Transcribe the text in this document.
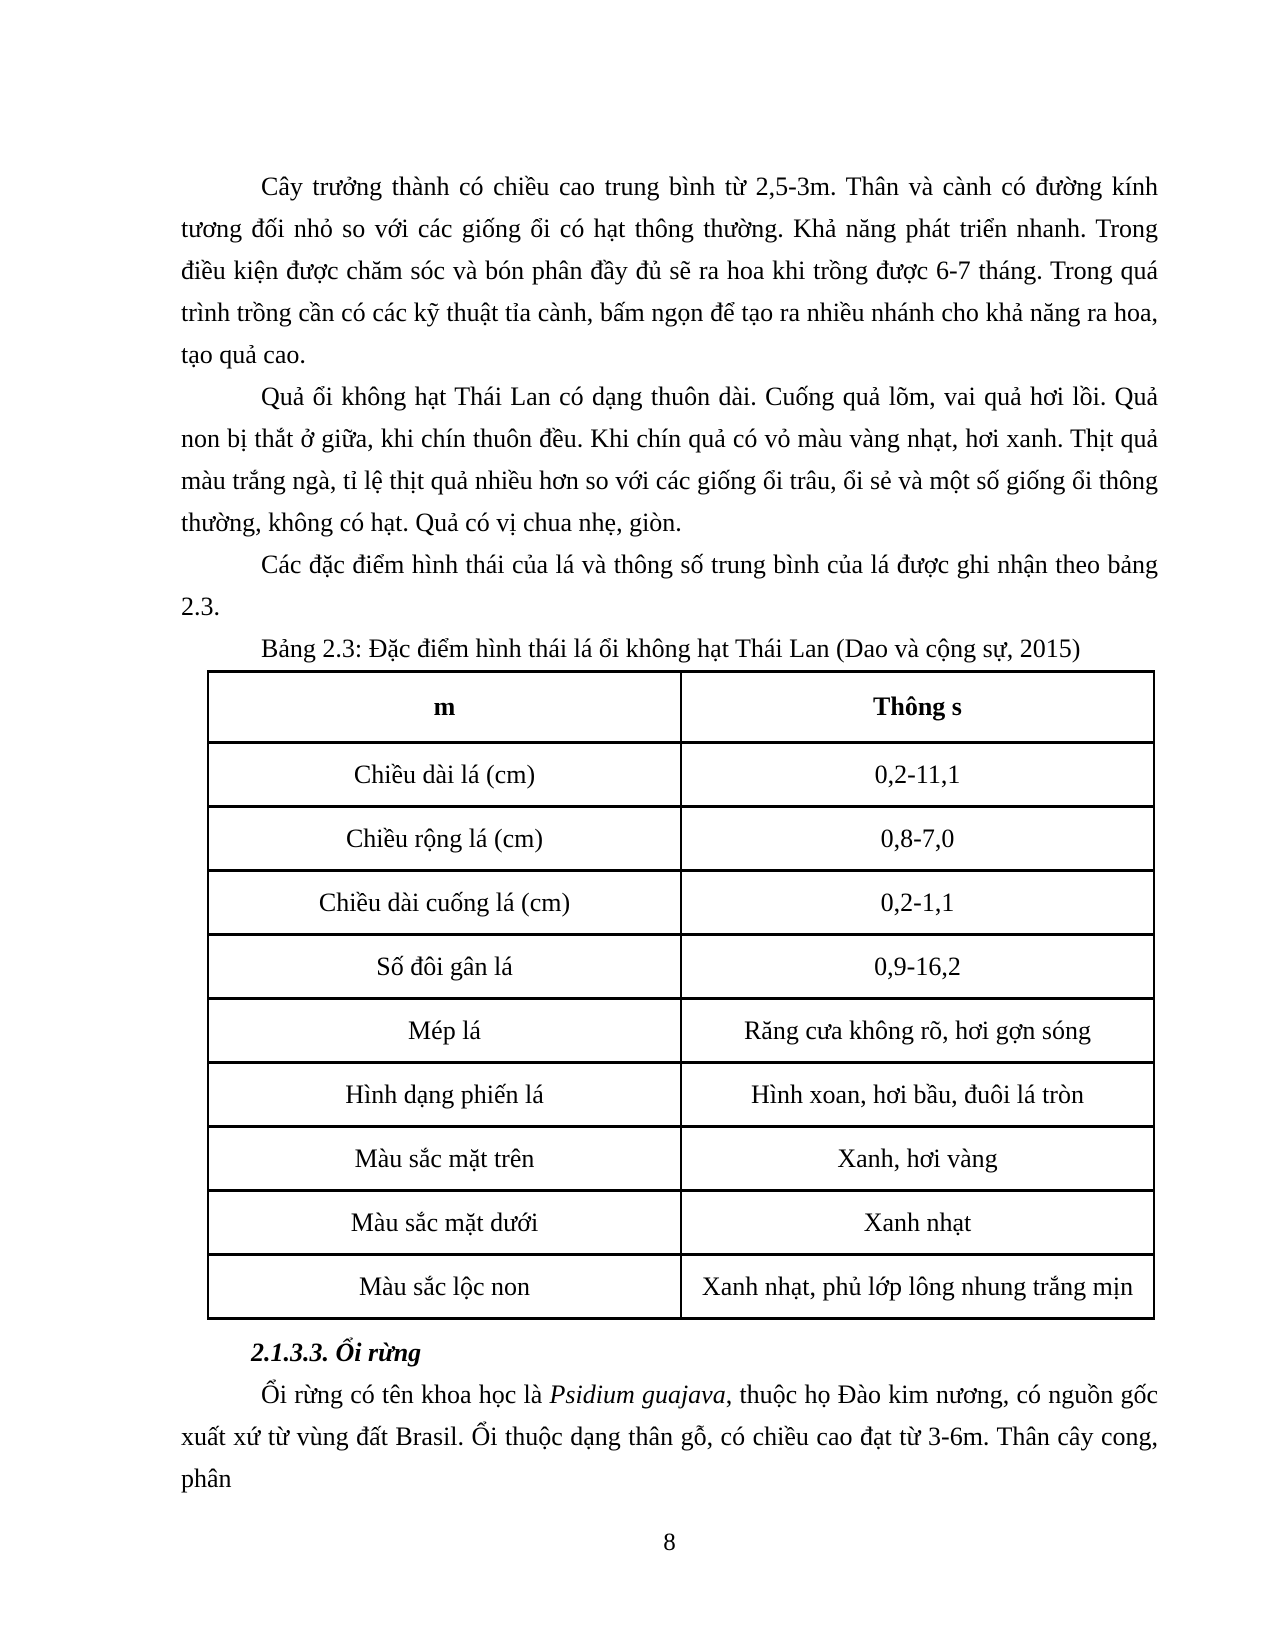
Cây trưởng thành có chiều cao trung bình từ 2,5-3m. Thân và cành có đường kính tương đối nhỏ so với các giống ổi có hạt thông thường. Khả năng phát triển nhanh. Trong điều kiện được chăm sóc và bón phân đầy đủ sẽ ra hoa khi trồng được 6-7 tháng. Trong quá trình trồng cần có các kỹ thuật tỉa cành, bấm ngọn để tạo ra nhiều nhánh cho khả năng ra hoa, tạo quả cao.

Quả ổi không hạt Thái Lan có dạng thuôn dài. Cuống quả lõm, vai quả hơi lồi. Quả non bị thắt ở giữa, khi chín thuôn đều. Khi chín quả có vỏ màu vàng nhạt, hơi xanh. Thịt quả màu trắng ngà, tỉ lệ thịt quả nhiều hơn so với các giống ổi trâu, ổi sẻ và một số giống ổi thông thường, không có hạt. Quả có vị chua nhẹ, giòn.

Các đặc điểm hình thái của lá và thông số trung bình của lá được ghi nhận theo bảng 2.3.

Bảng 2.3: Đặc điểm hình thái lá ổi không hạt Thái Lan (Dao và cộng sự, 2015)

m	Thông s
Chiều dài lá (cm)	0,2-11,1
Chiều rộng lá (cm)	0,8-7,0
Chiều dài cuống lá (cm)	0,2-1,1
Số đôi gân lá	0,9-16,2
Mép lá	Răng cưa không rõ, hơi gợn sóng
Hình dạng phiến lá	Hình xoan, hơi bầu, đuôi lá tròn
Màu sắc mặt trên	Xanh, hơi vàng
Màu sắc mặt dưới	Xanh nhạt
Màu sắc lộc non	Xanh nhạt, phủ lớp lông nhung trắng mịn

2.1.3.3. Ổi rừng

Ổi rừng có tên khoa học là Psidium guajava, thuộc họ Đào kim nương, có nguồn gốc xuất xứ từ vùng đất Brasil. Ổi thuộc dạng thân gỗ, có chiều cao đạt từ 3-6m. Thân cây cong, phân

8
